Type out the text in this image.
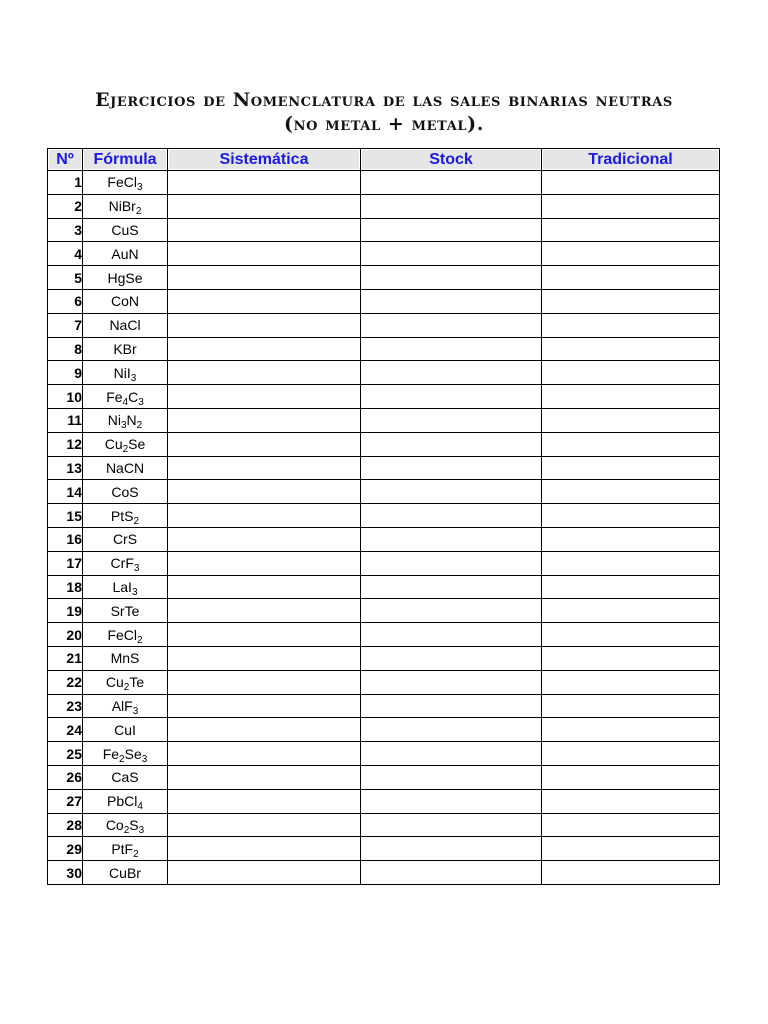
Ejercicios de Nomenclatura de las sales binarias neutras
(no metal + metal).
Nº	Fórmula	Sistemática	Stock	Tradicional
1	FeCl$_3$			
2	NiBr$_2$			
3	CuS			
4	AuN			
5	HgSe			
6	CoN			
7	NaCl			
8	KBr			
9	NiI$_3$			
10	$Fe_4C_3$			
11	$Ni_3N_2$			
12	$Cu_2Se$			
13	NaCN			
14	CoS			
15	PtS$_2$			
16	CrS			
17	CrF$_3$			
18	LaI$_3$			
19	SrTe			
20	FeCl$_2$			
21	MnS			
22	$Cu_2Te$			
23	AlF$_3$			
24	CuI			
25	$Fe_2Se_3$			
26	CaS			
27	PbCl$_4$			
28	$Co_2S_3$			
29	PtF$_2$			
30	CuBr			
